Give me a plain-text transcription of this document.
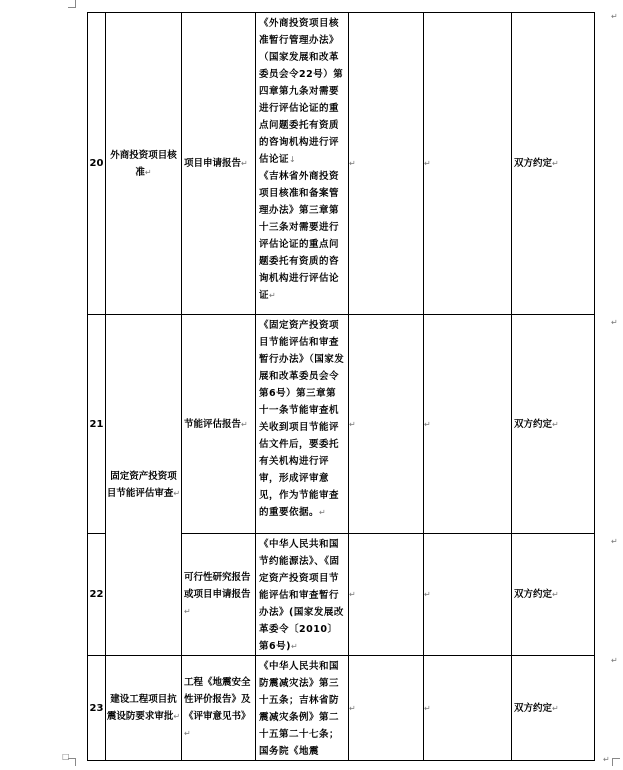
20	外商投资项目核准↵	项目申请报告↵	《外商投资项目核准暂行管理办法》（国家发展和改革委员会令22号）第四章第九条对需要进行评估论证的重点问题委托有资质的咨询机构进行评估论证↓
《吉林省外商投资项目核准和备案管理办法》第三章第十三条对需要进行评估论证的重点问题委托有资质的咨询机构进行评估论证↵	↵	↵	双方约定↵
21	固定资产投资项目节能评估审查↵	节能评估报告↵	《固定资产投资项目节能评估和审查暂行办法》（国家发展和改革委员会令第6号）第三章第十一条节能审查机关收到项目节能评估文件后，要委托有关机构进行评审，形成评审意见，作为节能审查的重要依据。↵	↵	↵	双方约定↵
22		可行性研究报告或项目申请报告↵	《中华人民共和国节约能源法》、《固定资产投资项目节能评估和审查暂行办法》(国家发展改革委令〔2010〕第6号)↵	↵	↵	双方约定↵
23	建设工程项目抗震设防要求审批↵	工程《地震安全性评价报告》及《评审意见书》↵	《中华人民共和国防震减灾法》第三十五条；吉林省防震减灾条例》第二十五第二十七条；国务院《地震	↵	↵	双方约定↵
↵
↵
↵
↵
↵
□
